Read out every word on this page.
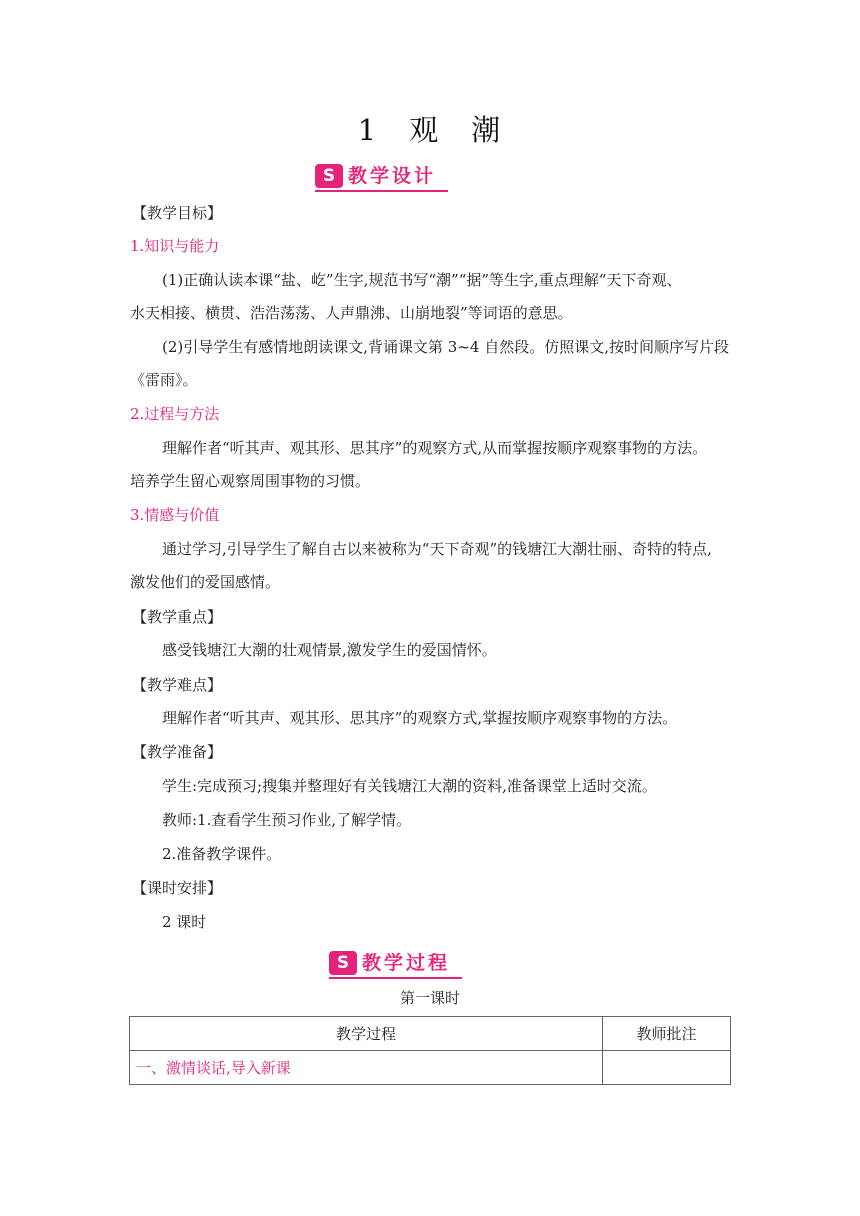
1　观　潮
S 教学设计
【教学目标】
1.知识与能力
(1)正确认读本课“盐、屹”生字,规范书写“潮”“据”等生字,重点理解“天下奇观、
水天相接、横贯、浩浩荡荡、人声鼎沸、山崩地裂”等词语的意思。
(2)引导学生有感情地朗读课文,背诵课文第 3~4 自然段。仿照课文,按时间顺序写片段
《雷雨》。
2.过程与方法
理解作者“听其声、观其形、思其序”的观察方式,从而掌握按顺序观察事物的方法。
培养学生留心观察周围事物的习惯。
3.情感与价值
通过学习,引导学生了解自古以来被称为“天下奇观”的钱塘江大潮壮丽、奇特的特点,
激发他们的爱国感情。
【教学重点】
感受钱塘江大潮的壮观情景,激发学生的爱国情怀。
【教学难点】
理解作者“听其声、观其形、思其序”的观察方式,掌握按顺序观察事物的方法。
【教学准备】
学生:完成预习;搜集并整理好有关钱塘江大潮的资料,准备课堂上适时交流。
教师:1.查看学生预习作业,了解学情。
2.准备教学课件。
【课时安排】
2 课时
S 教学过程
第一课时
教学过程	教师批注
一、激情谈话,导入新课	
